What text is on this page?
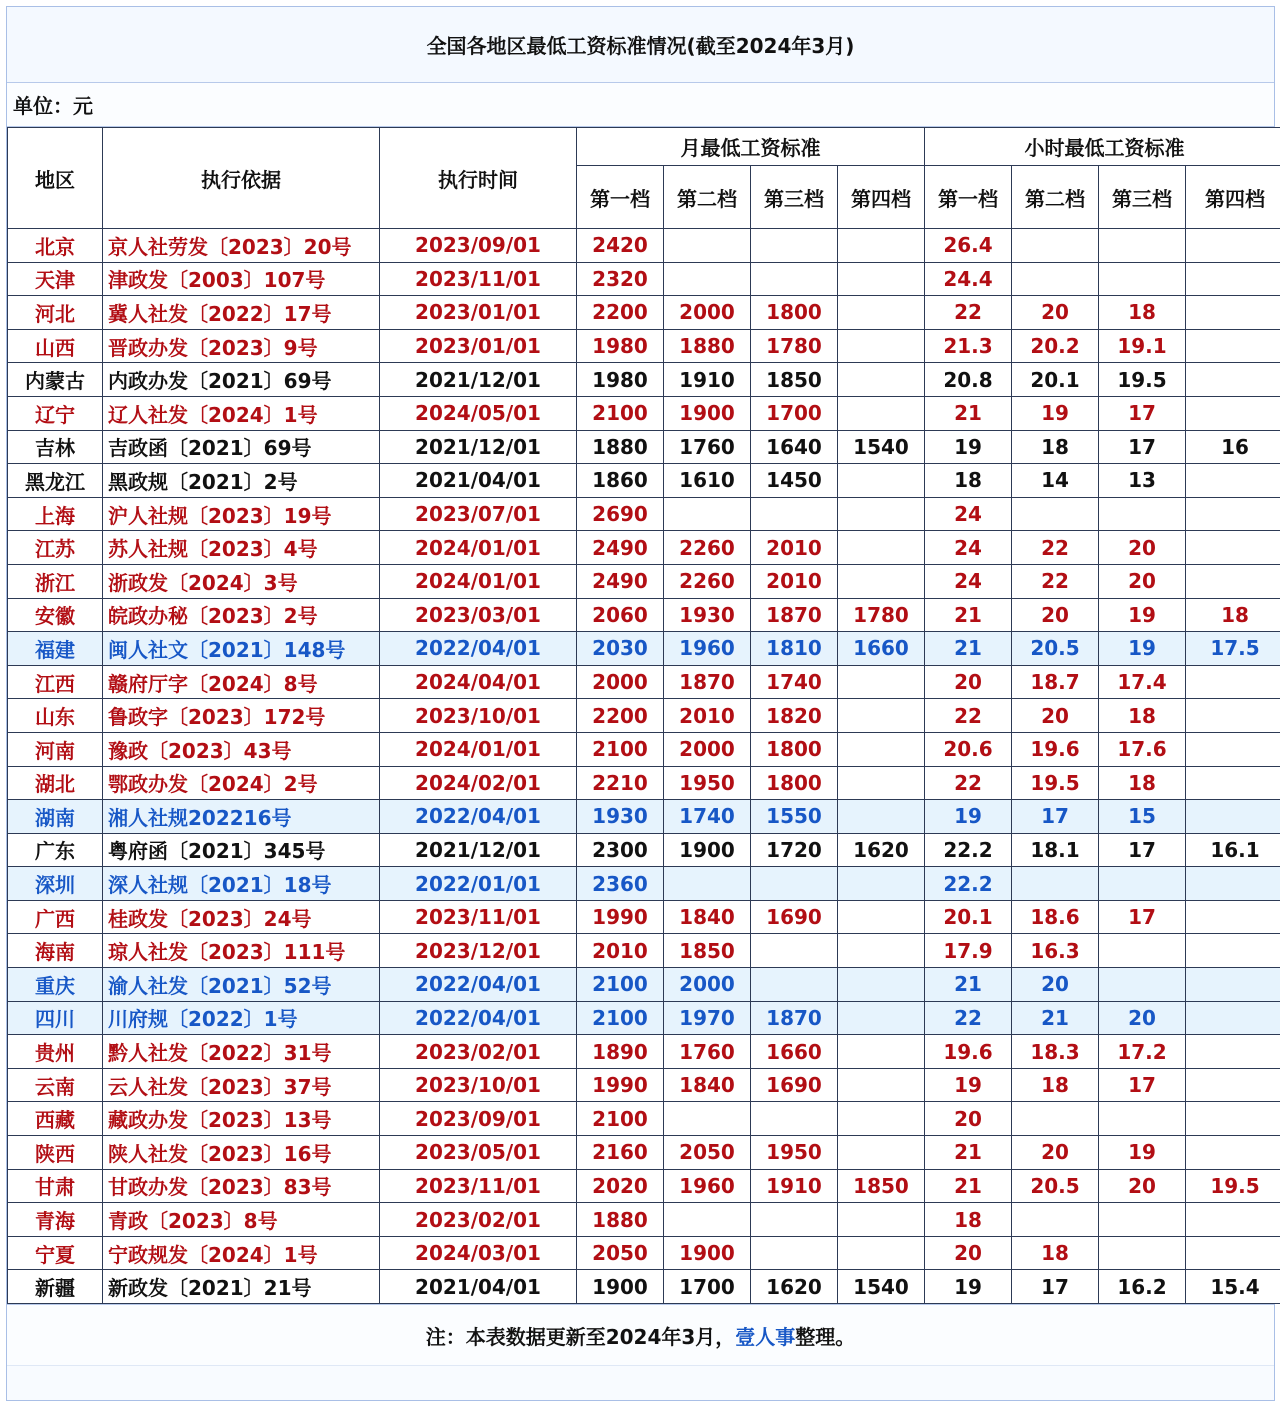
全国各地区最低工资标准情况(截至2024年3月)
单位：元
地区	执行依据	执行时间	月最低工资标准				小时最低工资标准			
			第一档	第二档	第三档	第四档	第一档	第二档	第三档	第四档
北京	京人社劳发〔2023〕20号	2023/09/01	2420				26.4			
天津	津政发〔2003〕107号	2023/11/01	2320				24.4			
河北	冀人社发〔2022〕17号	2023/01/01	2200	2000	1800		22	20	18	
山西	晋政办发〔2023〕9号	2023/01/01	1980	1880	1780		21.3	20.2	19.1	
内蒙古	内政办发〔2021〕69号	2021/12/01	1980	1910	1850		20.8	20.1	19.5	
辽宁	辽人社发〔2024〕1号	2024/05/01	2100	1900	1700		21	19	17	
吉林	吉政函〔2021〕69号	2021/12/01	1880	1760	1640	1540	19	18	17	16
黑龙江	黑政规〔2021〕2号	2021/04/01	1860	1610	1450		18	14	13	
上海	沪人社规〔2023〕19号	2023/07/01	2690				24			
江苏	苏人社规〔2023〕4号	2024/01/01	2490	2260	2010		24	22	20	
浙江	浙政发〔2024〕3号	2024/01/01	2490	2260	2010		24	22	20	
安徽	皖政办秘〔2023〕2号	2023/03/01	2060	1930	1870	1780	21	20	19	18
福建	闽人社文〔2021〕148号	2022/04/01	2030	1960	1810	1660	21	20.5	19	17.5
江西	赣府厅字〔2024〕8号	2024/04/01	2000	1870	1740		20	18.7	17.4	
山东	鲁政字〔2023〕172号	2023/10/01	2200	2010	1820		22	20	18	
河南	豫政〔2023〕43号	2024/01/01	2100	2000	1800		20.6	19.6	17.6	
湖北	鄂政办发〔2024〕2号	2024/02/01	2210	1950	1800		22	19.5	18	
湖南	湘人社规202216号	2022/04/01	1930	1740	1550		19	17	15	
广东	粤府函〔2021〕345号	2021/12/01	2300	1900	1720	1620	22.2	18.1	17	16.1
深圳	深人社规〔2021〕18号	2022/01/01	2360				22.2			
广西	桂政发〔2023〕24号	2023/11/01	1990	1840	1690		20.1	18.6	17	
海南	琼人社发〔2023〕111号	2023/12/01	2010	1850			17.9	16.3		
重庆	渝人社发〔2021〕52号	2022/04/01	2100	2000			21	20		
四川	川府规〔2022〕1号	2022/04/01	2100	1970	1870		22	21	20	
贵州	黔人社发〔2022〕31号	2023/02/01	1890	1760	1660		19.6	18.3	17.2	
云南	云人社发〔2023〕37号	2023/10/01	1990	1840	1690		19	18	17	
西藏	藏政办发〔2023〕13号	2023/09/01	2100				20			
陕西	陕人社发〔2023〕16号	2023/05/01	2160	2050	1950		21	20	19	
甘肃	甘政办发〔2023〕83号	2023/11/01	2020	1960	1910	1850	21	20.5	20	19.5
青海	青政〔2023〕8号	2023/02/01	1880				18			
宁夏	宁政规发〔2024〕1号	2024/03/01	2050	1900			20	18		
新疆	新政发〔2021〕21号	2021/04/01	1900	1700	1620	1540	19	17	16.2	15.4
注：本表数据更新至2024年3月， 壹人事 整理。
